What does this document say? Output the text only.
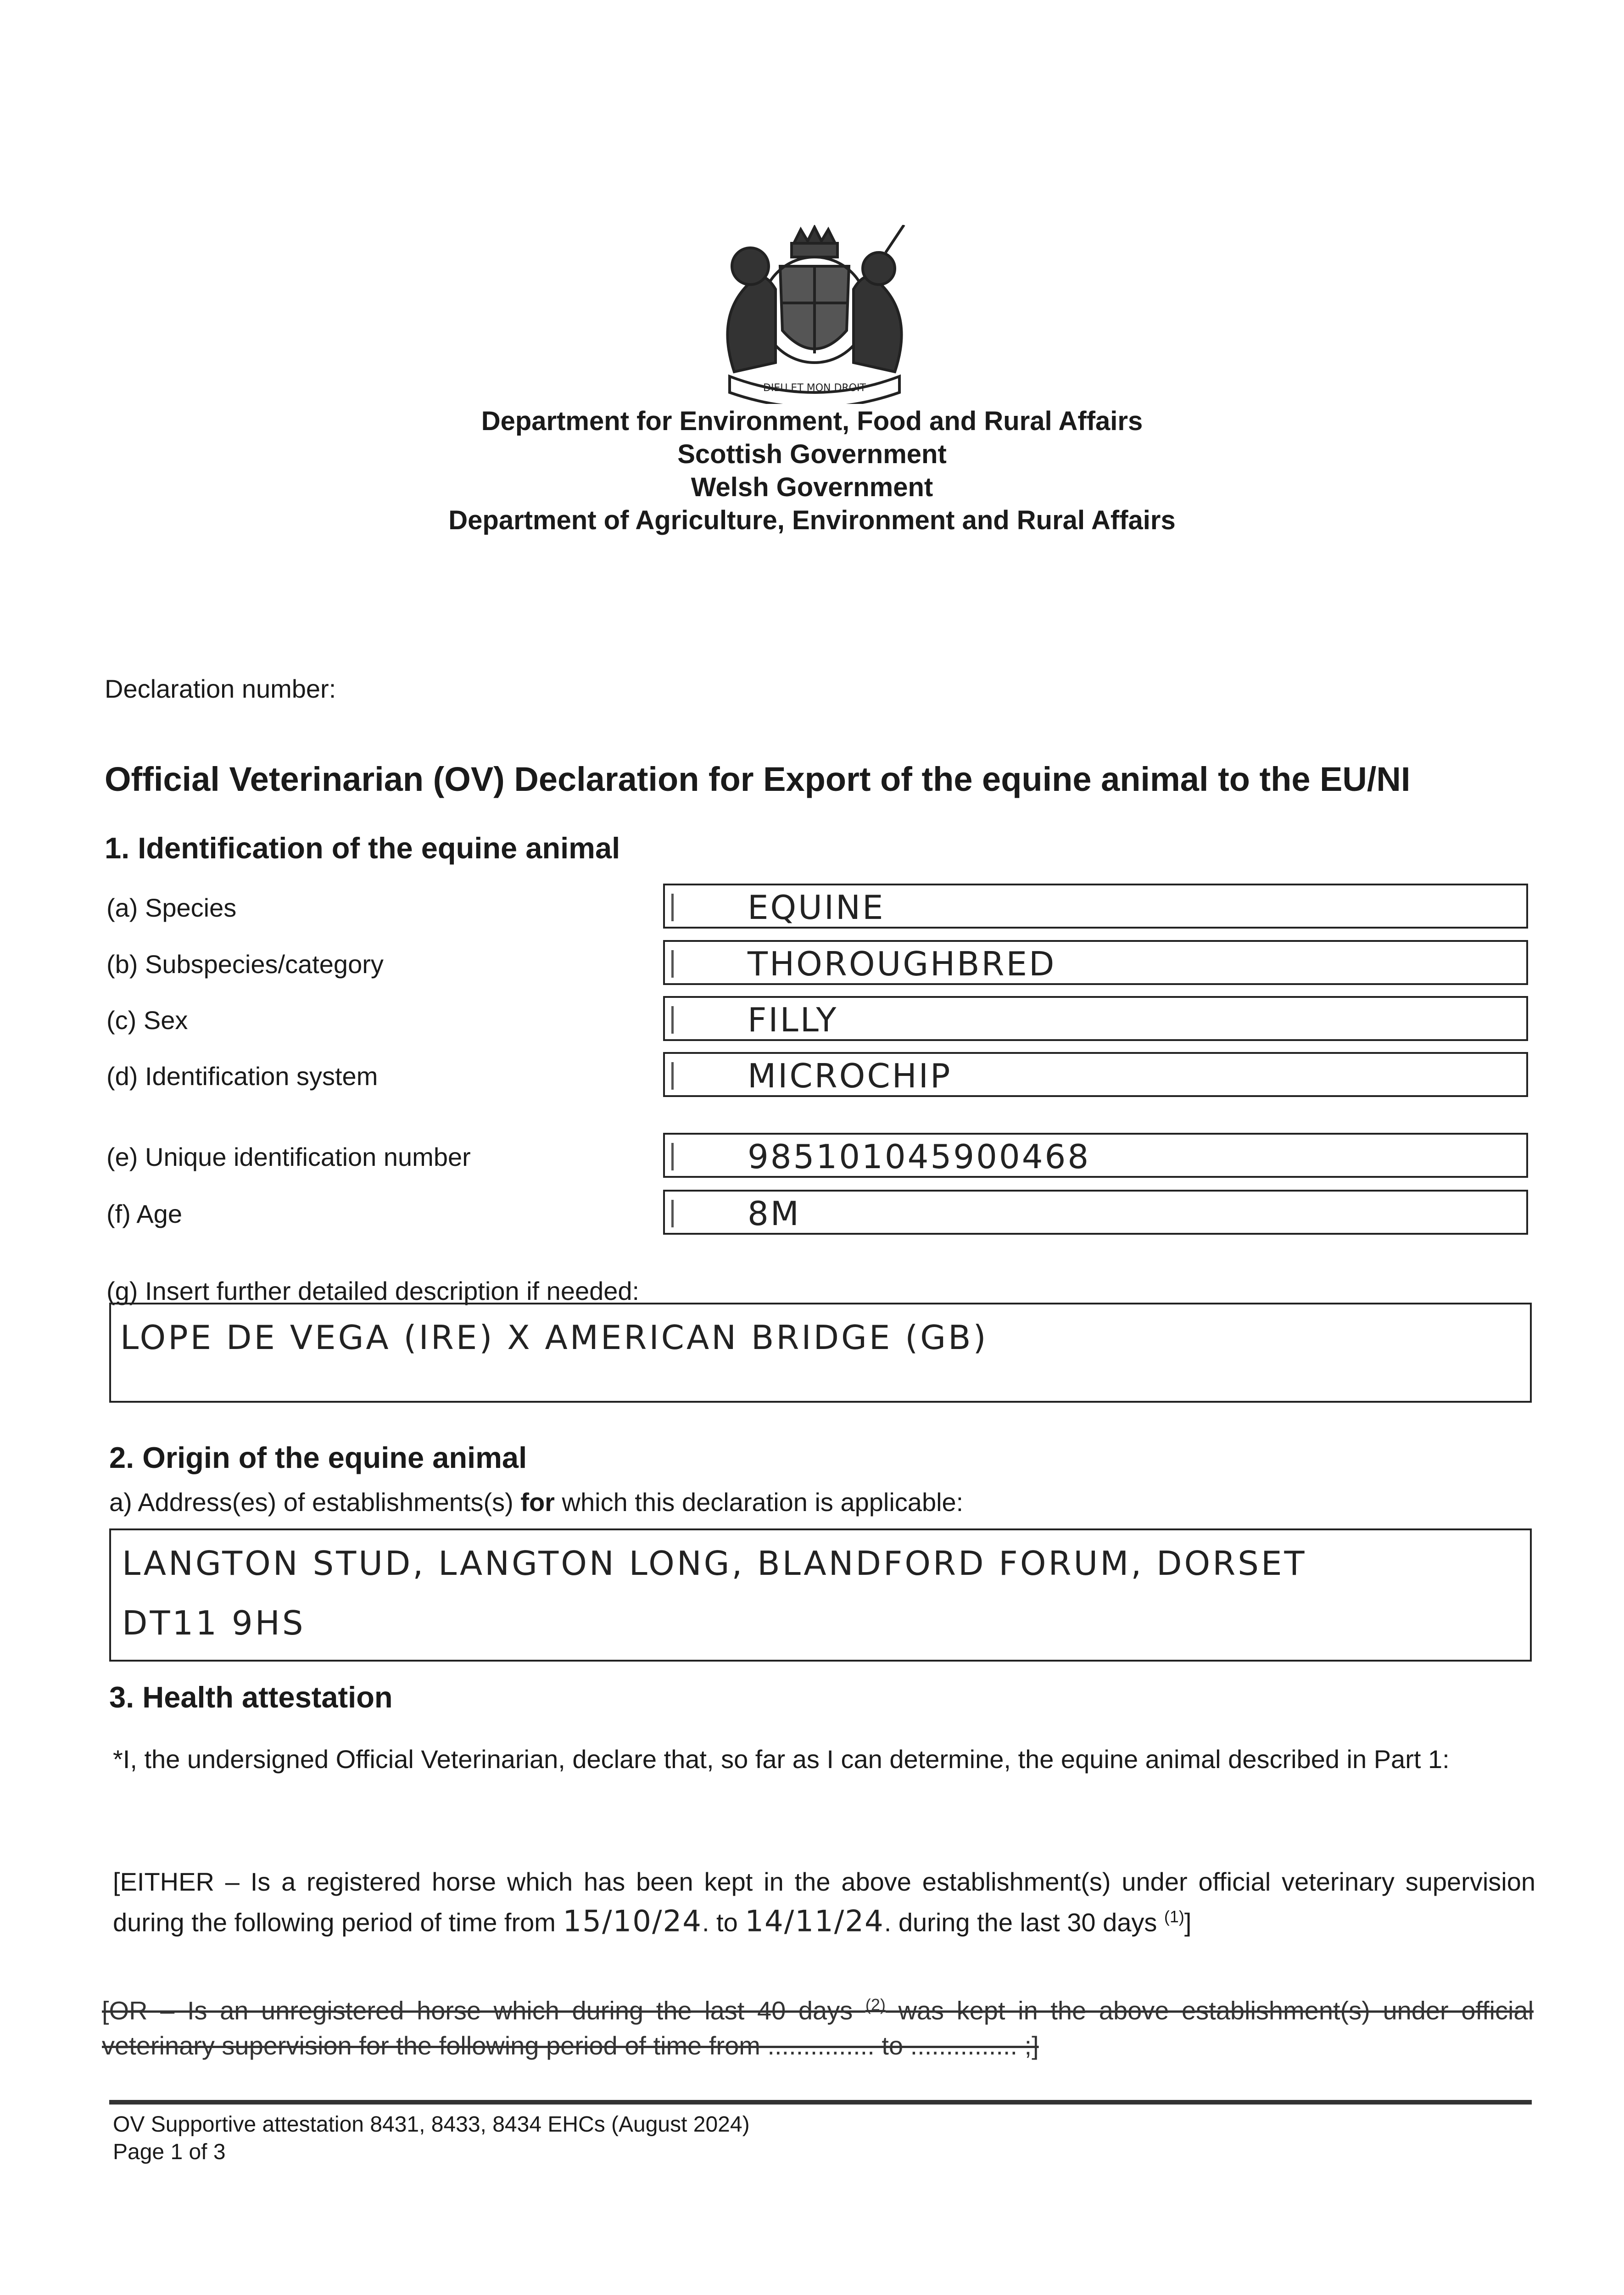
DIEU ET MON DROIT
Department for Environment, Food and Rural Affairs
Scottish Government
Welsh Government
Department of Agriculture, Environment and Rural Affairs
Declaration number:
Official Veterinarian (OV) Declaration for Export of the equine animal to the EU/NI
1. Identification of the equine animal
(a) Species	EQUINE
(b) Subspecies/category	THOROUGHBRED
(c) Sex	FILLY
(d) Identification system	MICROCHIP
(e) Unique identification number	985101045900468
(f) Age	8M
(g) Insert further detailed description if needed:
LOPE DE VEGA (IRE) X AMERICAN BRIDGE (GB)
2. Origin of the equine animal
a) Address(es) of establishments(s) for which this declaration is applicable:
LANGTON STUD, LANGTON LONG, BLANDFORD FORUM, DORSET
DT11 9HS
3. Health attestation
*I, the undersigned Official Veterinarian, declare that, so far as I can determine, the equine animal described in Part 1:
[EITHER – Is a registered horse which has been kept in the above establishment(s) under official veterinary supervision during the following period of time from 15/10/24. to 14/11/24. during the last 30 days $^{(1)}$]
[OR – Is an unregistered horse which during the last 40 days $^{(2)}$ was kept in the above establishment(s) under official veterinary supervision for the following period of time from ............... to ............... ;]
OV Supportive attestation 8431, 8433, 8434 EHCs (August 2024)
Page 1 of 3
